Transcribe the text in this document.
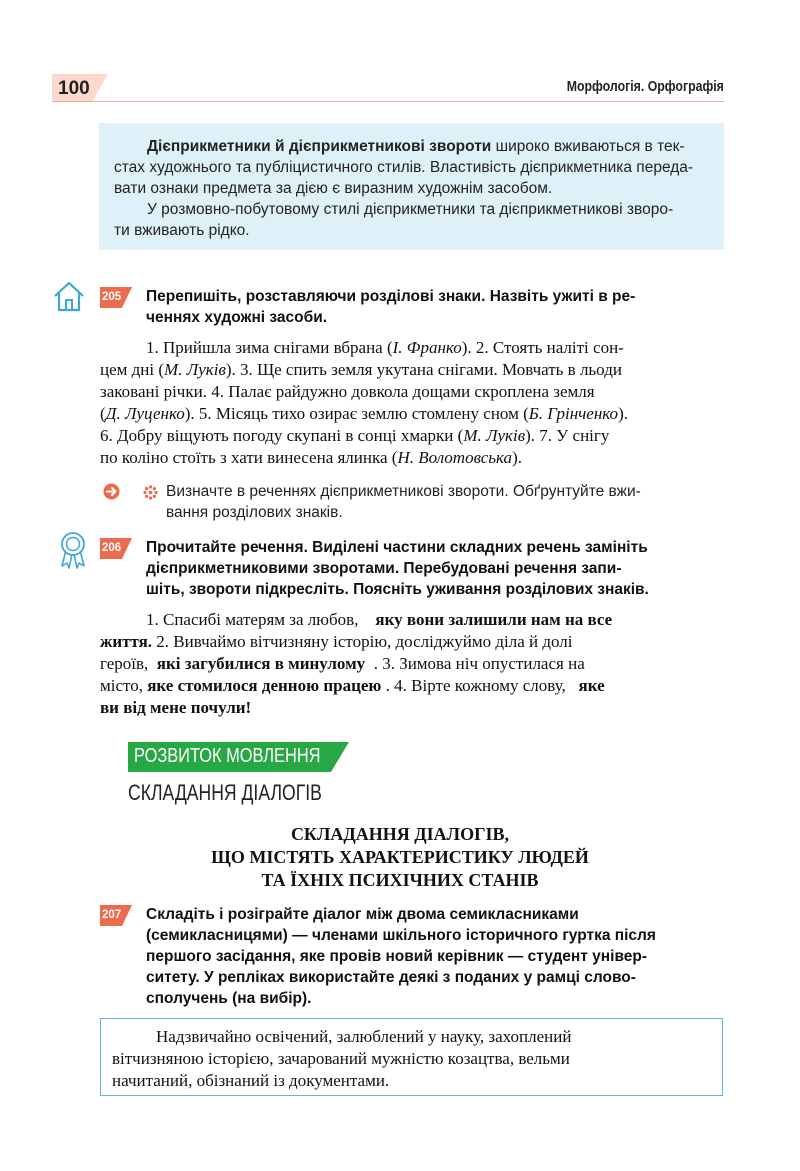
100	Морфологія. Орфографія

Дієприкметники й дієприкметникові звороти широко вживаються в тек-

стах художнього та публіцистичного стилів. Властивість дієприкметника переда-

вати ознаки предмета за дією є виразним художнім засобом.

У розмовно-побутовому стилі дієприкметники та дієприкметникові зворо-

ти вживають рідко.

205 Перепишіть, розставляючи розділові знаки. Назвіть ужиті в ре-
ченнях художні засоби.
1. Прийшла зима снігами вбрана (І. Франко). 2. Стоять наліті сон-
цем дні (М. Луків). 3. Ще спить земля укутана снігами. Мовчать в льоди
заковані річки. 4. Палає райдужно довкола дощами скроплена земля
(Д. Луценко). 5. Місяць тихо озирає землю стомлену сном (Б. Грінченко).
6. Добру віщують погоду скупані в сонці хмарки (М. Луків). 7. У снігу
по коліно стоїть з хати винесена ялинка (Н. Волотовська).
Визначте в реченнях дієприкметникові звороти. Обґрунтуйте вжи-
вання розділових знаків.
206 Прочитайте речення. Виділені частини складних речень замініть
дієприкметниковими зворотами. Перебудовані речення запи-
шіть, звороти підкресліть. Поясніть уживання розділових знаків.
1. Спасибі матерям за любов, яку вони залишили нам на все
життя. 2. Вивчаймо вітчизняну історію, досліджуймо діла й долі
героїв, які загубилися в минулому . 3. Зимова ніч опустилася на
місто, яке стомилося денною працею . 4. Вірте кожному слову, яке
ви від мене почули!
РОЗВИТОК МОВЛЕННЯ
СКЛАДАННЯ ДІАЛОГІВ
СКЛАДАННЯ ДІАЛОГІВ,
ЩО МІСТЯТЬ ХАРАКТЕРИСТИКУ ЛЮДЕЙ
ТА ЇХНІХ ПСИХІЧНИХ СТАНІВ
207 Складіть і розіграйте діалог між двома семикласниками
(семикласницями) — членами шкільного історичного гуртка після
першого засідання, яке провів новий керівник — студент універ-
ситету. У репліках використайте деякі з поданих у рамці слово-
сполучень (на вибір).
Надзвичайно освічений, залюблений у науку, захоплений
вітчизняною історією, зачарований мужністю козацтва, вельми
начитаний, обізнаний із документами.
